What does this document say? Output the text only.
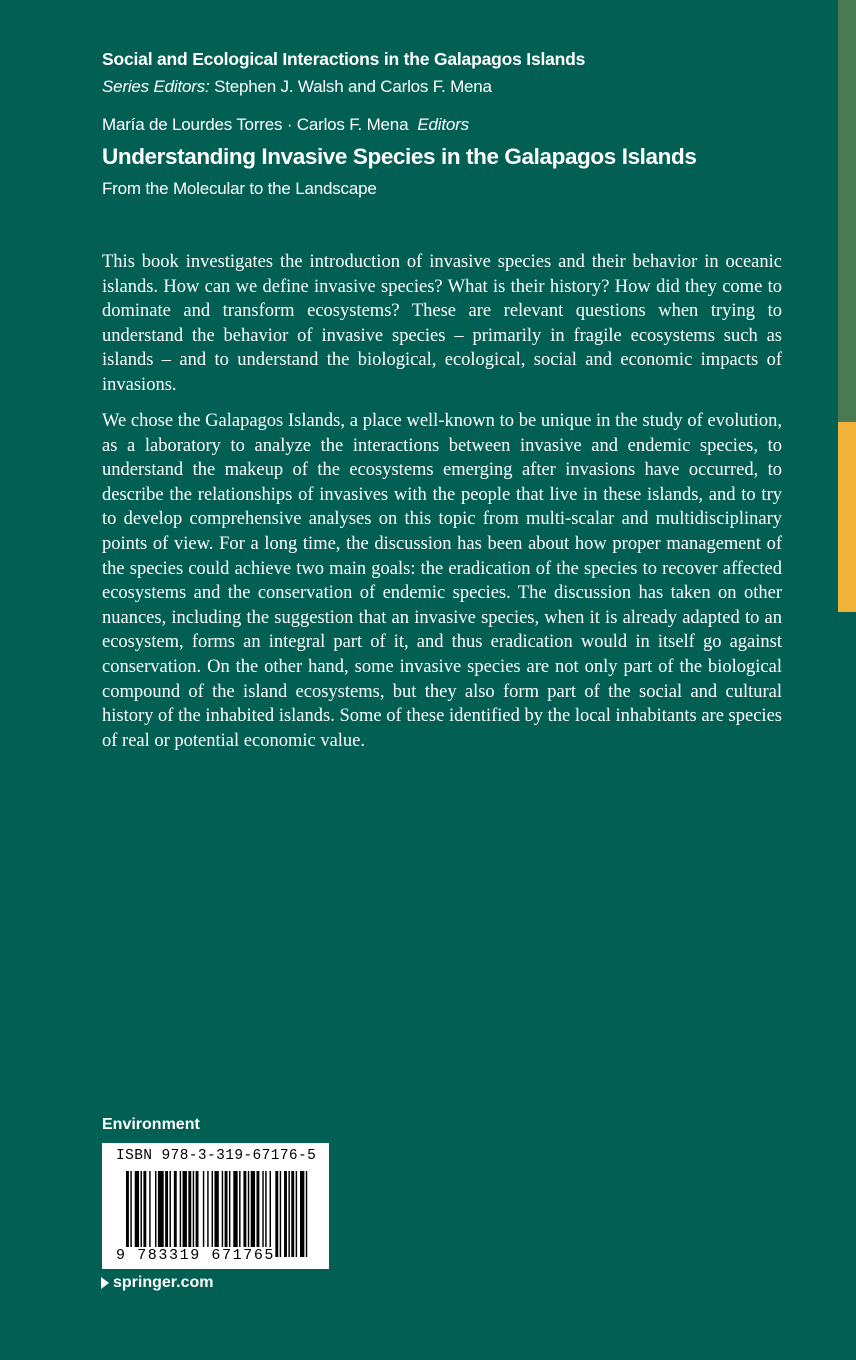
Social and Ecological Interactions in the Galapagos Islands
Series Editors: Stephen J. Walsh and Carlos F. Mena
María de Lourdes Torres · Carlos F. Mena Editors
Understanding Invasive Species in the Galapagos Islands
From the Molecular to the Landscape

This book investigates the introduction of invasive species and their behavior in oceanic islands. How can we define invasive species? What is their history? How did they come to dominate and transform ecosystems? These are relevant questions when trying to understand the behavior of invasive species – primarily in fragile ecosystems such as islands – and to understand the biological, ecological, social and economic impacts of invasions.

We chose the Galapagos Islands, a place well-known to be unique in the study of evolution, as a laboratory to analyze the interactions between invasive and endemic species, to understand the makeup of the ecosystems emerging after invasions have occurred, to describe the relationships of invasives with the people that live in these islands, and to try to develop comprehensive analyses on this topic from multi-scalar and multidisciplinary points of view. For a long time, the discussion has been about how proper management of the species could achieve two main goals: the eradication of the species to recover affected ecosystems and the conservation of endemic species. The discussion has taken on other nuances, including the suggestion that an invasive species, when it is already adapted to an ecosystem, forms an integral part of it, and thus eradication would in itself go against conservation. On the other hand, some invasive species are not only part of the biological compound of the island ecosystems, but they also form part of the social and cultural history of the inhabited islands. Some of these identified by the local inhabitants are species of real or potential economic value.

Environment
ISBN 978-3-319-67176-5
9 783319 671765
springer.com
